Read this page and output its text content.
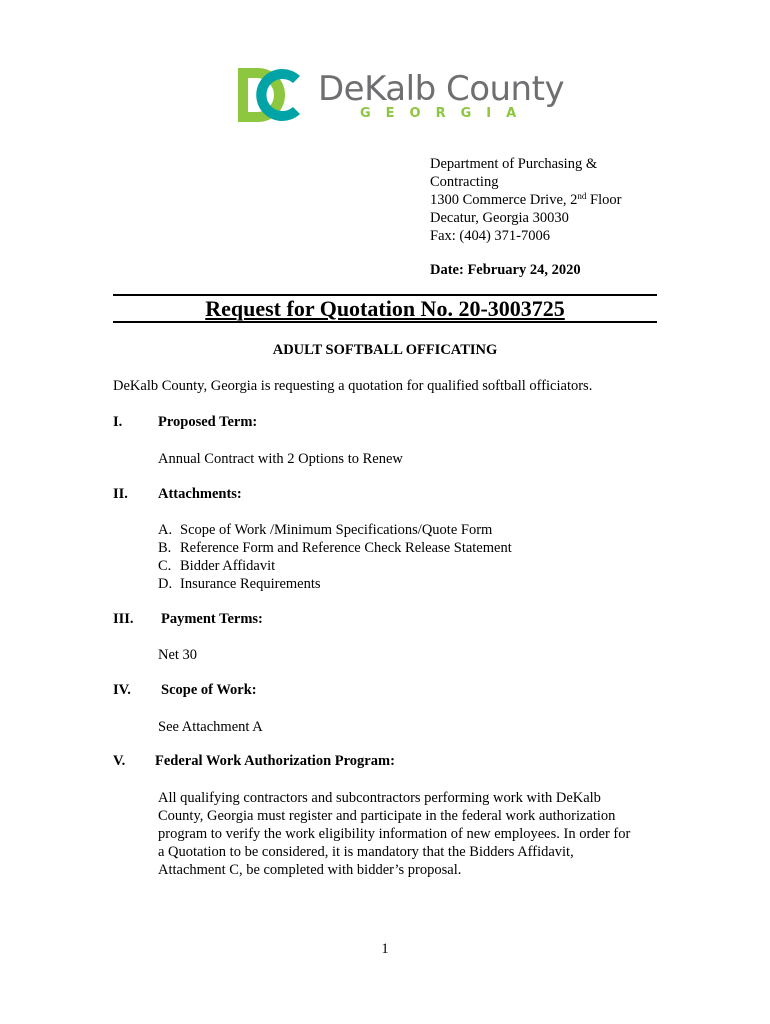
DeKalb County
GEORGIA
Department of Purchasing &
Contracting
1300 Commerce Drive, 2nd Floor
Decatur, Georgia 30030
Fax: (404) 371-7006
Date: February 24, 2020
Request for Quotation No. 20-3003725
ADULT SOFTBALL OFFICATING
DeKalb County, Georgia is requesting a quotation for qualified softball officiators.
I. Proposed Term:
Annual Contract with 2 Options to Renew
II. Attachments:
A. Scope of Work /Minimum Specifications/Quote Form
B. Reference Form and Reference Check Release Statement
C. Bidder Affidavit
D. Insurance Requirements
III. Payment Terms:
Net 30
IV. Scope of Work:
See Attachment A
V. Federal Work Authorization Program:
All qualifying contractors and subcontractors performing work with DeKalb
County, Georgia must register and participate in the federal work authorization
program to verify the work eligibility information of new employees. In order for
a Quotation to be considered, it is mandatory that the Bidders Affidavit,
Attachment C, be completed with bidder’s proposal.
1
